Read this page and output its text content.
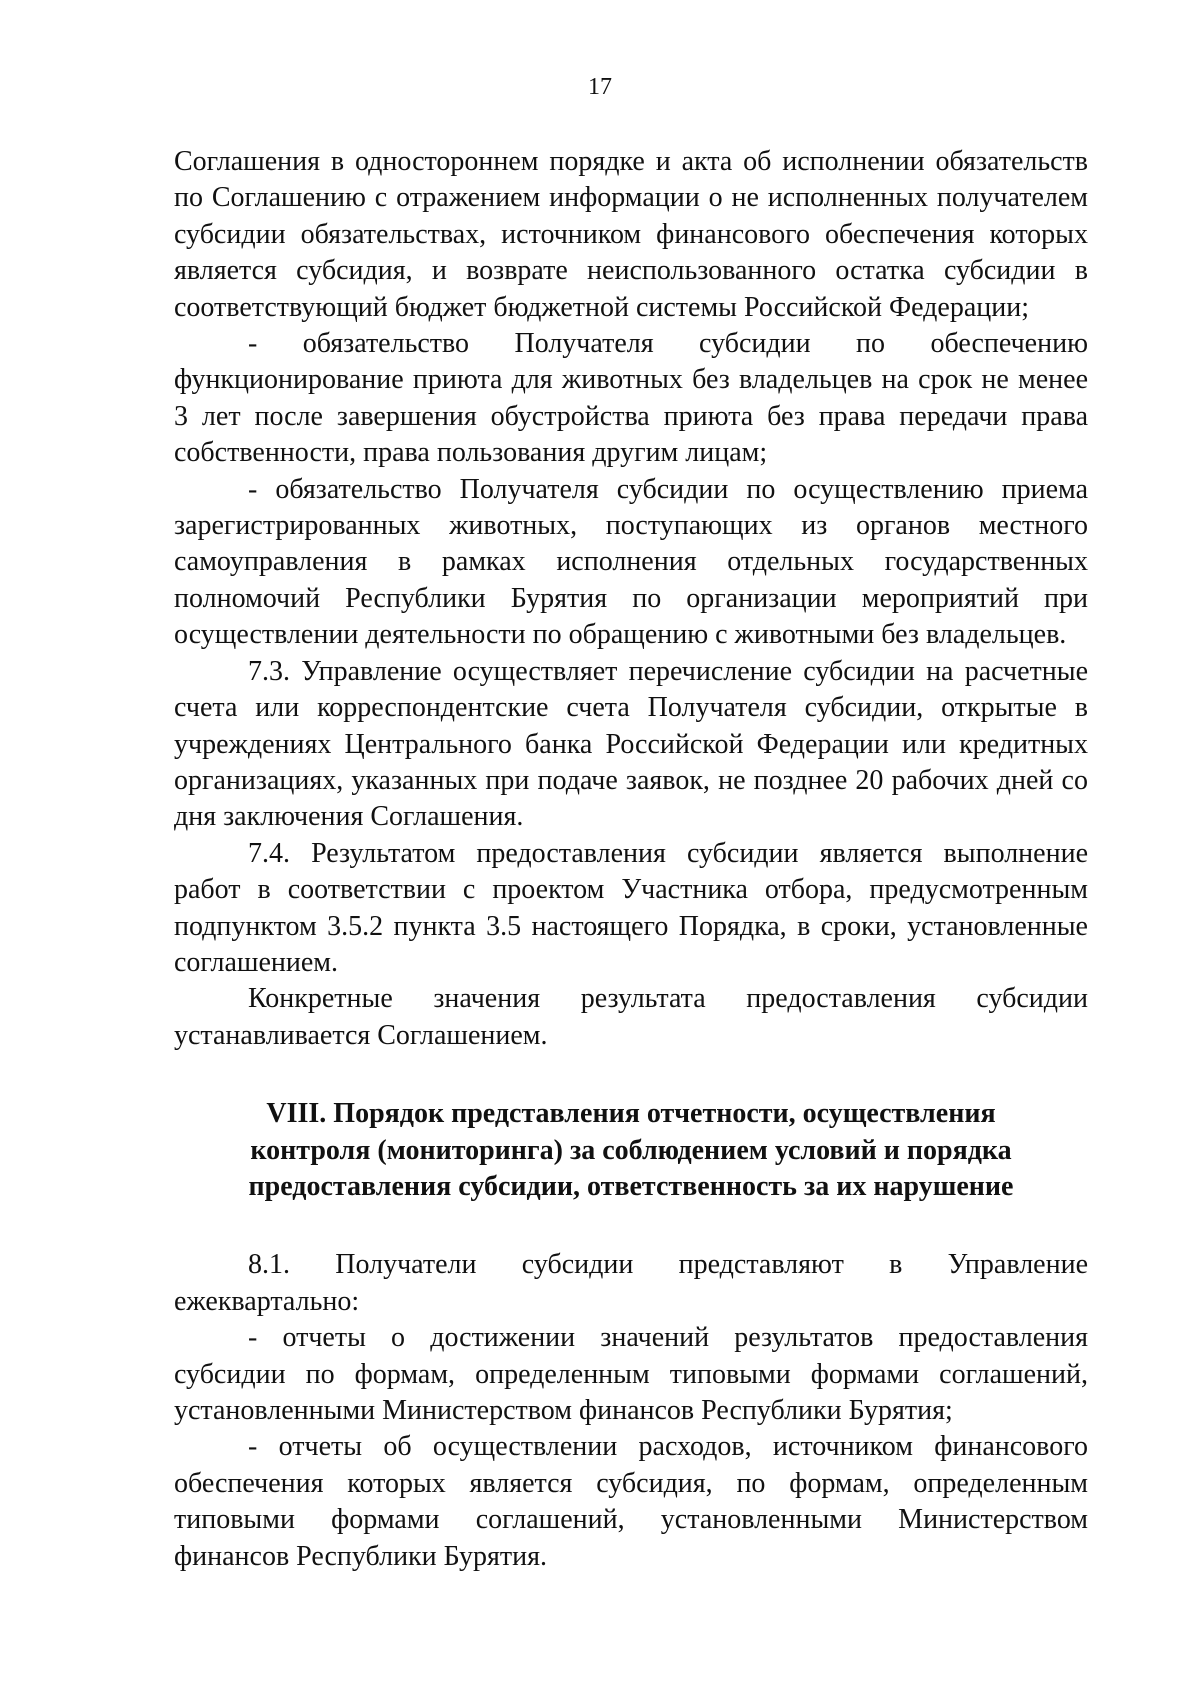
17

Соглашения в одностороннем порядке и акта об исполнении обязательств по Соглашению с отражением информации о не исполненных получателем субсидии обязательствах, источником финансового обеспечения которых является субсидия, и возврате неиспользованного остатка субсидии в соответствующий бюджет бюджетной системы Российской Федерации;

- обязательство Получателя субсидии по обеспечению функционирование приюта для животных без владельцев на срок не менее 3 лет после завершения обустройства приюта без права передачи права собственности, права пользования другим лицам;

- обязательство Получателя субсидии по осуществлению приема зарегистрированных животных, поступающих из органов местного самоуправления в рамках исполнения отдельных государственных полномочий Республики Бурятия по организации мероприятий при осуществлении деятельности по обращению с животными без владельцев.

7.3. Управление осуществляет перечисление субсидии на расчетные счета или корреспондентские счета Получателя субсидии, открытые в учреждениях Центрального банка Российской Федерации или кредитных организациях, указанных при подаче заявок, не позднее 20 рабочих дней со дня заключения Соглашения.

7.4. Результатом предоставления субсидии является выполнение работ в соответствии с проектом Участника отбора, предусмотренным подпунктом 3.5.2 пункта 3.5 настоящего Порядка, в сроки, установленные соглашением.

Конкретные значения результата предоставления субсидии устанавливается Соглашением.

VIII. Порядок представления отчетности, осуществления контроля (мониторинга) за соблюдением условий и порядка предоставления субсидии, ответственность за их нарушение

8.1. Получатели субсидии представляют в Управление ежеквартально:

- отчеты о достижении значений результатов предоставления субсидии по формам, определенным типовыми формами соглашений, установленными Министерством финансов Республики Бурятия;

- отчеты об осуществлении расходов, источником финансового обеспечения которых является субсидия, по формам, определенным типовыми формами соглашений, установленными Министерством финансов Республики Бурятия.
